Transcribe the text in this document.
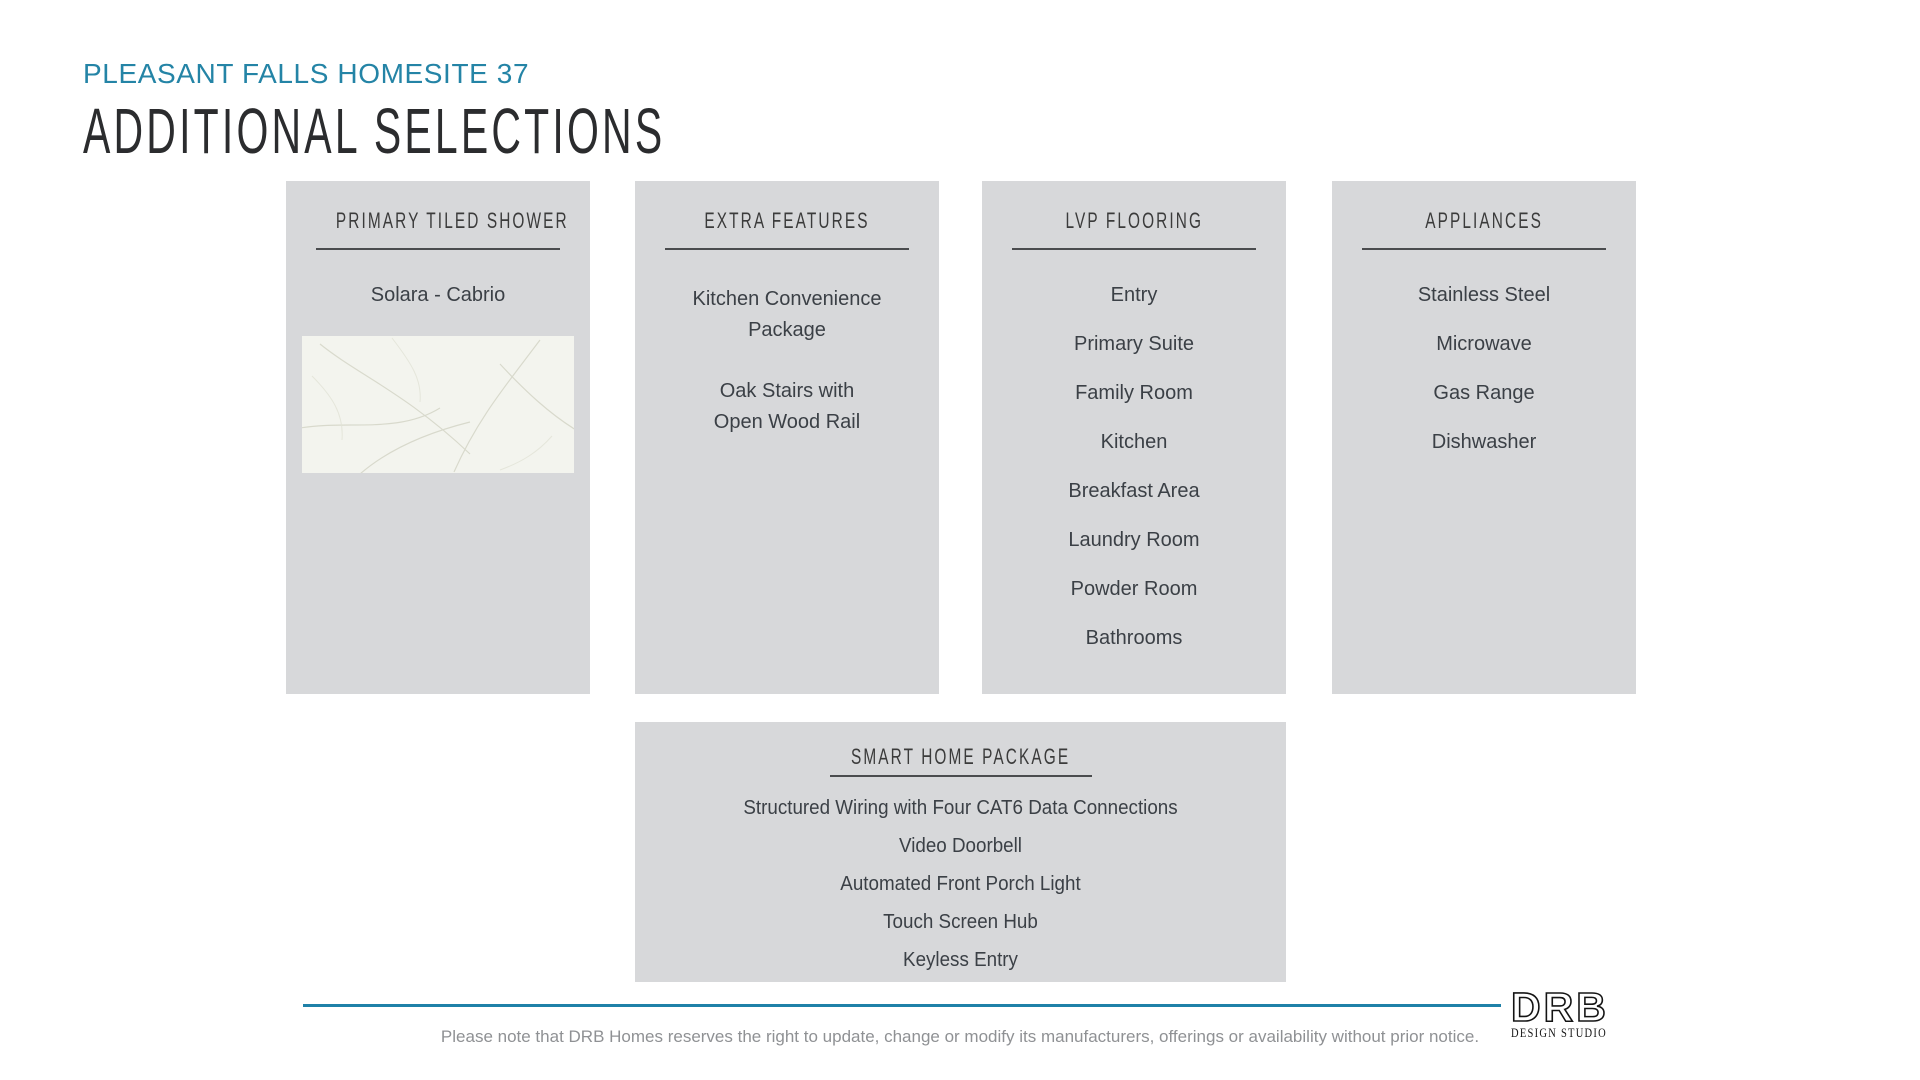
PLEASANT FALLS HOMESITE 37
ADDITIONAL SELECTIONS
PRIMARY TILED SHOWER
Solara - Cabrio
EXTRA FEATURES
Kitchen Convenience
Package
Oak Stairs with
Open Wood Rail
LVP FLOORING
Entry
Primary Suite
Family Room
Kitchen
Breakfast Area
Laundry Room
Powder Room
Bathrooms
APPLIANCES
Stainless Steel
Microwave
Gas Range
Dishwasher
SMART HOME PACKAGE
Structured Wiring with Four CAT6 Data Connections
Video Doorbell
Automated Front Porch Light
Touch Screen Hub
Keyless Entry
Please note that DRB Homes reserves the right to update, change or modify its manufacturers, offerings or availability without prior notice.
DRB
DESIGN STUDIO
